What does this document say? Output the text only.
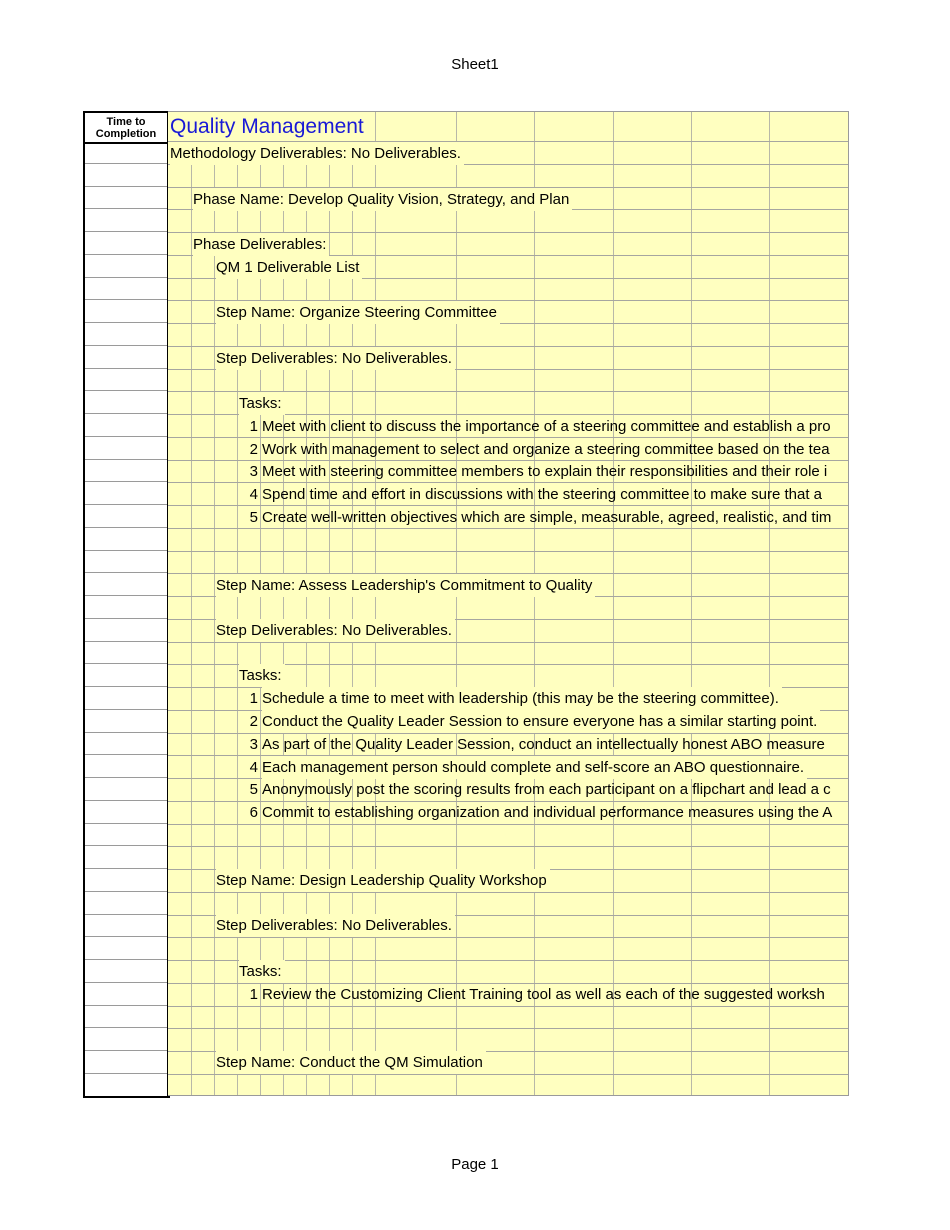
Sheet1
Time to
Completion Quality Management
Methodology Deliverables: No Deliverables.
Phase Name: Develop Quality Vision, Strategy, and Plan
Phase Deliverables:
QM 1 Deliverable List
Step Name: Organize Steering Committee
Step Deliverables: No Deliverables.
Tasks:
1 Meet with client to discuss the importance of a steering committee and establish a pro
2 Work with management to select and organize a steering committee based on the tea
3 Meet with steering committee members to explain their responsibilities and their role i
4 Spend time and effort in discussions with the steering committee to make sure that a
5 Create well-written objectives which are simple, measurable, agreed, realistic, and tim
Step Name: Assess Leadership's Commitment to Quality
Step Deliverables: No Deliverables.
Tasks:
1 Schedule a time to meet with leadership (this may be the steering committee).
2 Conduct the Quality Leader Session to ensure everyone has a similar starting point.
3 As part of the Quality Leader Session, conduct an intellectually honest ABO measure
4 Each management person should complete and self-score an ABO questionnaire.
5 Anonymously post the scoring results from each participant on a flipchart and lead a c
6 Commit to establishing organization and individual performance measures using the A
Step Name: Design Leadership Quality Workshop
Step Deliverables: No Deliverables.
Tasks:
1 Review the Customizing Client Training tool as well as each of the suggested worksh
Step Name: Conduct the QM Simulation
Page 1
